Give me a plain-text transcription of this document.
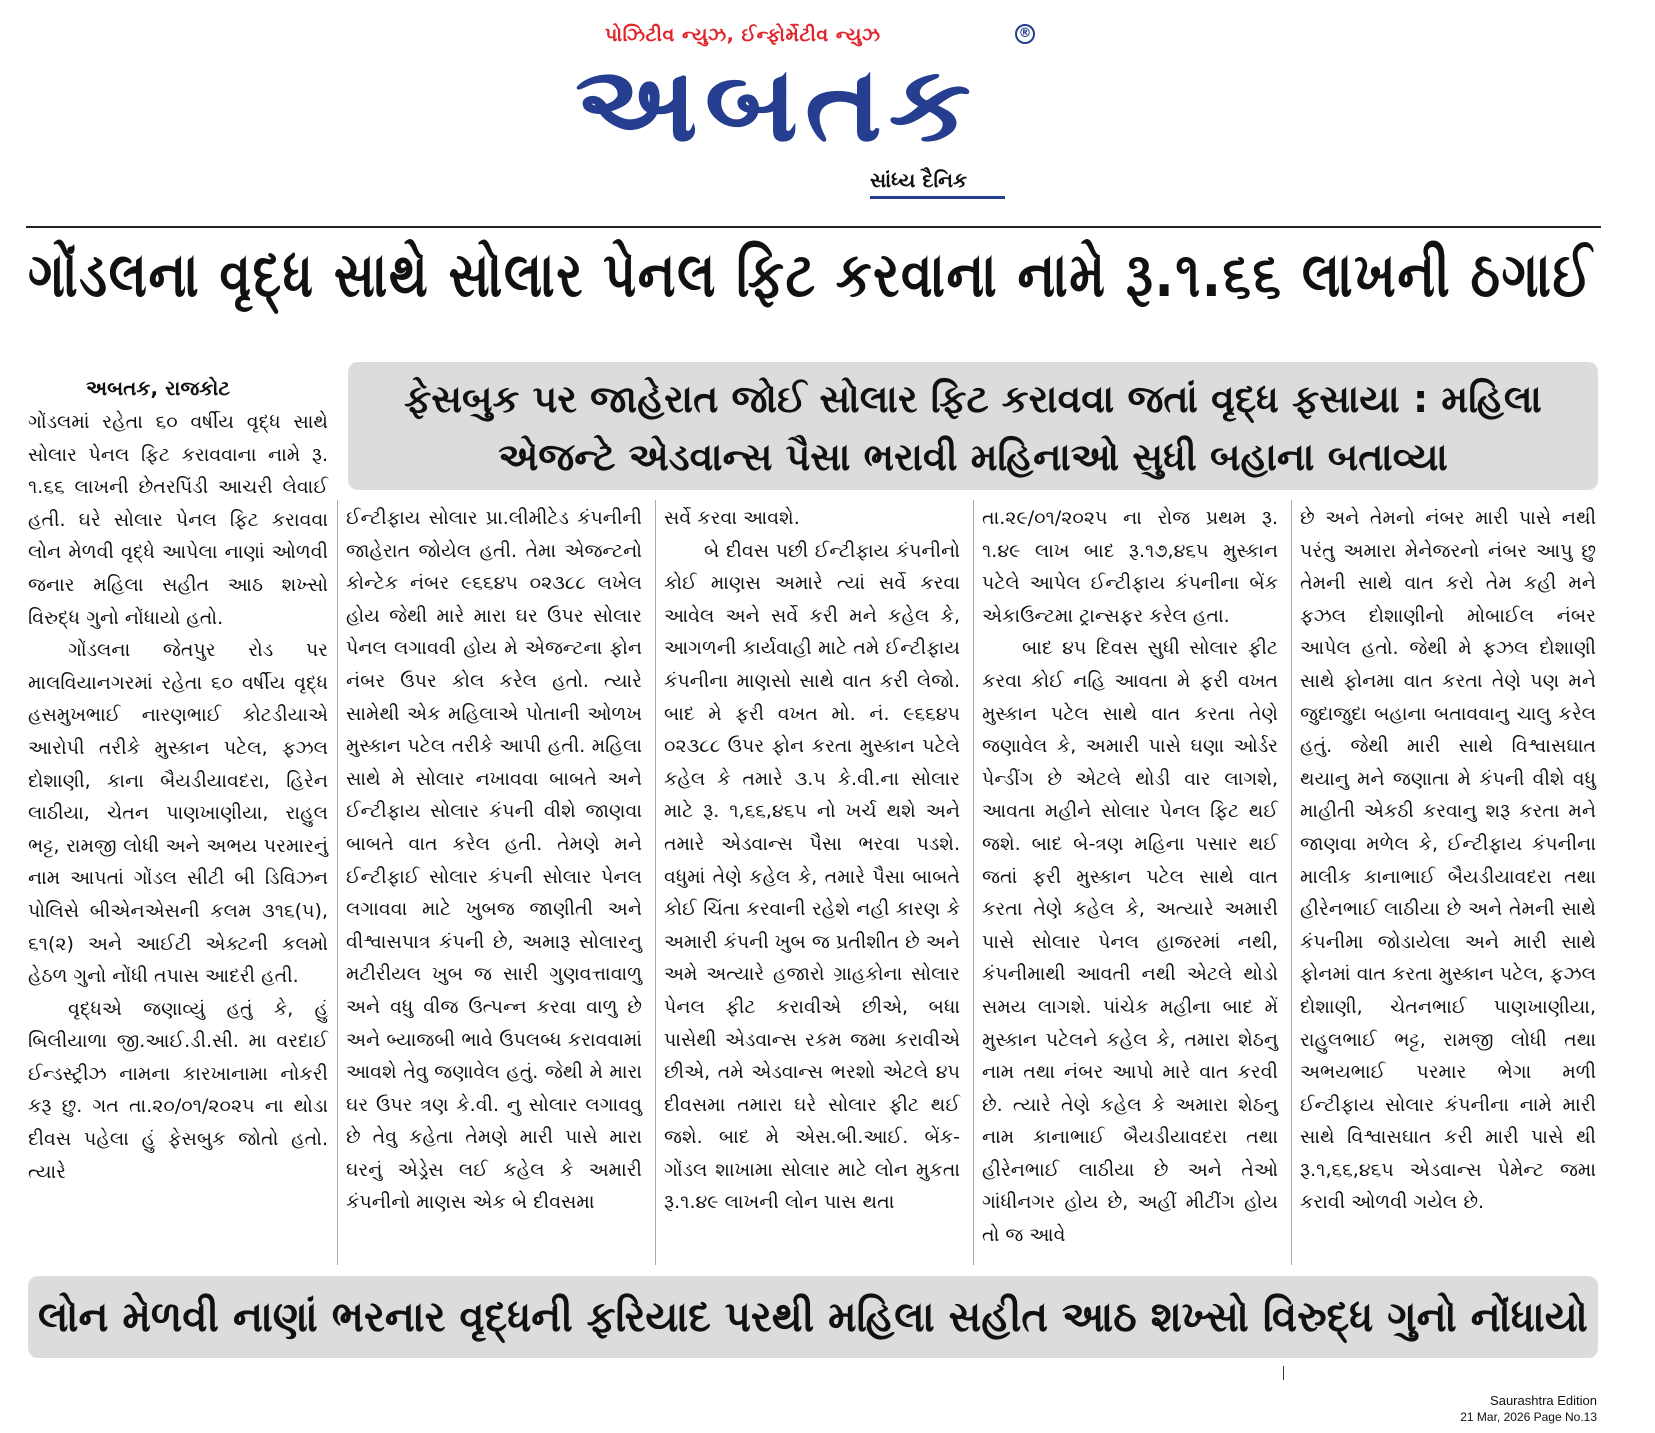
પોઝિટીવ ન્યુઝ, ઈન્ફોર્મેટીવ ન્યુઝ
અબતક
®
સાંધ્ય દૈનિક
ગોંડલના વૃદ્ધ સાથે સોલાર પેનલ ફિટ કરવાના નામે રૂ.૧.૬૬ લાખની ઠગાઈ
ફેસબુક પર જાહેરાત જોઈ સોલાર ફિટ કરાવવા જતાં વૃદ્ધ ફસાયા : મહિલા એજન્ટે એડવાન્સ પૈસા ભરાવી મહિનાઓ સુધી બહાના બતાવ્યા
અબતક, રાજકોટ

ગોંડલમાં રહેતા ૬૦ વર્ષીય વૃદ્ધ સાથે સોલાર પેનલ ફિટ કરાવવાના નામે રૂ. ૧.૬૬ લાખની છેતરપિંડી આચરી લેવાઈ હતી. ઘરે સોલાર પેનલ ફિટ કરાવવા લોન મેળવી વૃદ્ધે આપેલા નાણાં ઓળવી જનાર મહિલા સહીત આઠ શખ્સો વિરુદ્ધ ગુનો નોંધાયો હતો.

ગોંડલના જેતપુર રોડ પર માલવિયાનગરમાં રહેતા ૬૦ વર્ષીય વૃદ્ધ હસમુખભાઈ નારણભાઈ કોટડીયાએ આરોપી તરીકે મુસ્કાન પટેલ, ફઝલ દોશાણી, કાના બૈયડીયાવદરા, હિરેન લાઠીયા, ચેતન પાણખાણીયા, રાહુલ ભટ્ટ, રામજી લોધી અને અભય પરમારનું નામ આપતાં ગોંડલ સીટી બી ડિવિઝન પોલિસે બીએનએસની કલમ ૩૧૬(૫), ૬૧(૨) અને આઈટી એક્ટની કલમો હેઠળ ગુનો નોંધી તપાસ આદરી હતી.

વૃદ્ધએ જણાવ્યું હતું કે, હું બિલીયાળા જી.આઈ.ડી.સી. મા વરદાઈ ઈન્ડસ્ટ્રીઝ નામના કારખાનામા નોકરી કરૂ છુ. ગત તા.૨૦/૦૧/૨૦૨૫ ના થોડા દીવસ પહેલા હું ફેસબુક જોતો હતો. ત્યારે

ઈન્ટીફાય સોલાર પ્રા.લીમીટેડ કંપનીની જાહેરાત જોયેલ હતી. તેમા એજન્ટનો કોન્ટેક નંબર ૯૬૬૪૫ ૦૨૩૮૮ લખેલ હોય જેથી મારે મારા ઘર ઉપર સોલાર પેનલ લગાવવી હોય મે એજન્ટના ફોન નંબર ઉપર કોલ કરેલ હતો. ત્યારે સામેથી એક મહિલાએ પોતાની ઓળખ મુસ્કાન પટેલ તરીકે આપી હતી. મહિલા સાથે મે સોલાર નખાવવા બાબતે અને ઈન્ટીફાય સોલાર કંપની વીશે જાણવા બાબતે વાત કરેલ હતી. તેમણે મને ઈન્ટીફાઈ સોલાર કંપની સોલાર પેનલ લગાવવા માટે ખુબજ જાણીતી અને વીશ્વાસપાત્ર કંપની છે, અમારૂ સોલારનુ મટીરીયલ ખુબ જ સારી ગુણવત્તાવાળુ અને વધુ વીજ ઉત્પન્ન કરવા વાળુ છે અને બ્યાજબી ભાવે ઉપલબ્ધ કરાવવામાં આવશે તેવુ જણાવેલ હતું. જેથી મે મારા ઘર ઉપર ત્રણ કે.વી. નુ સોલાર લગાવવુ છે તેવુ કહેતા તેમણે મારી પાસે મારા ઘરનું એડ્રેસ લઈ કહેલ કે અમારી કંપનીનો માણસ એક બે દીવસમા

સર્વે કરવા આવશે.

બે દીવસ પછી ઈન્ટીફાય કંપનીનો કોઈ માણસ અમારે ત્યાં સર્વે કરવા આવેલ અને સર્વે કરી મને કહેલ કે, આગળની કાર્યવાહી માટે તમે ઈન્ટીફાય કંપનીના માણસો સાથે વાત કરી લેજો. બાદ મે ફરી વખત મો. નં. ૯૬૬૪૫ ૦૨૩૮૮ ઉપર ફોન કરતા મુસ્કાન પટેલે કહેલ કે તમારે ૩.૫ કે.વી.ના સોલાર માટે રૂ. ૧,૬૬,૪૬૫ નો ખર્ચ થશે અને તમારે એડવાન્સ પૈસા ભરવા પડશે. વધુમાં તેણે કહેલ કે, તમારે પૈસા બાબતે કોઈ ચિંતા કરવાની રહેશે નહી કારણ કે અમારી કંપની ખુબ જ પ્રતીશીત છે અને અમે અત્યારે હજારો ગ્રાહકોના સોલાર પેનલ ફીટ કરાવીએ છીએ, બધા પાસેથી એડવાન્સ રકમ જમા કરાવીએ છીએ, તમે એડવાન્સ ભરશો એટલે ૪૫ દીવસમા તમારા ઘરે સોલાર ફીટ થઈ જશે. બાદ મે એસ.બી.આઈ. બેંક- ગોંડલ શાખામા સોલાર માટે લોન મુકતા રૂ.૧.૪૯ લાખની લોન પાસ થતા

તા.૨૯/૦૧/૨૦૨૫ ના રોજ પ્રથમ રૂ. ૧.૪૯ લાખ બાદ રૂ.૧૭,૪૬૫ મુસ્કાન પટેલે આપેલ ઈન્ટીફાય કંપનીના બેંક એકાઉન્ટમા ટ્રાન્સફર કરેલ હતા.

બાદ ૪૫ દિવસ સુધી સોલાર ફીટ કરવા કોઈ નહિ આવતા મે ફરી વખત મુસ્કાન પટેલ સાથે વાત કરતા તેણે જણાવેલ કે, અમારી પાસે ઘણા ઓર્ડર પેન્ડીંગ છે એટલે થોડી વાર લાગશે, આવતા મહીને સોલાર પેનલ ફિટ થઈ જશે. બાદ બે-ત્રણ મહિના પસાર થઈ જતાં ફરી મુસ્કાન પટેલ સાથે વાત કરતા તેણે કહેલ કે, અત્યારે અમારી પાસે સોલાર પેનલ હાજરમાં નથી, કંપનીમાથી આવતી નથી એટલે થોડો સમય લાગશે. પાંચેક મહીના બાદ મેં મુસ્કાન પટેલને કહેલ કે, તમારા શેઠનુ નામ તથા નંબર આપો મારે વાત કરવી છે. ત્યારે તેણે કહેલ કે અમારા શેઠનુ નામ કાનાભાઈ બૈયડીયાવદરા તથા હીરેનભાઈ લાઠીયા છે અને તેઓ ગાંધીનગર હોય છે, અહીં મીટીંગ હોય તો જ આવે

છે અને તેમનો નંબર મારી પાસે નથી પરંતુ અમારા મેનેજરનો નંબર આપુ છુ તેમની સાથે વાત કરો તેમ કહી મને ફઝલ દોશાણીનો મોબાઈલ નંબર આપેલ હતો. જેથી મે ફઝલ દોશાણી સાથે ફોનમા વાત કરતા તેણે પણ મને જુદાજુદા બહાના બતાવવાનુ ચાલુ કરેલ હતું. જેથી મારી સાથે વિશ્વાસઘાત થયાનુ મને જણાતા મે કંપની વીશે વધુ માહીતી એકઠી કરવાનુ શરૂ કરતા મને જાણવા મળેલ કે, ઈન્ટીફાય કંપનીના માલીક કાનાભાઈ બૈયડીયાવદરા તથા હીરેનભાઈ લાઠીયા છે અને તેમની સાથે કંપનીમા જોડાયેલા અને મારી સાથે ફોનમાં વાત કરતા મુસ્કાન પટેલ, ફઝલ દોશાણી, ચેતનભાઈ પાણખાણીયા, રાહુલભાઈ ભટ્ટ, રામજી લોધી તથા અભયભાઈ પરમાર ભેગા મળી ઈન્ટીફાય સોલાર કંપનીના નામે મારી સાથે વિશ્વાસઘાત કરી મારી પાસે થી રૂ.૧,૬૬,૪૬૫ એડવાન્સ પેમેન્ટ જમા કરાવી ઓળવી ગયેલ છે.

લોન મેળવી નાણાં ભરનાર વૃદ્ધની ફરિયાદ પરથી મહિલા સહીત આઠ શખ્સો વિરુદ્ધ ગુનો નોંધાયો
Saurashtra Edition
21 Mar, 2026 Page No.13
